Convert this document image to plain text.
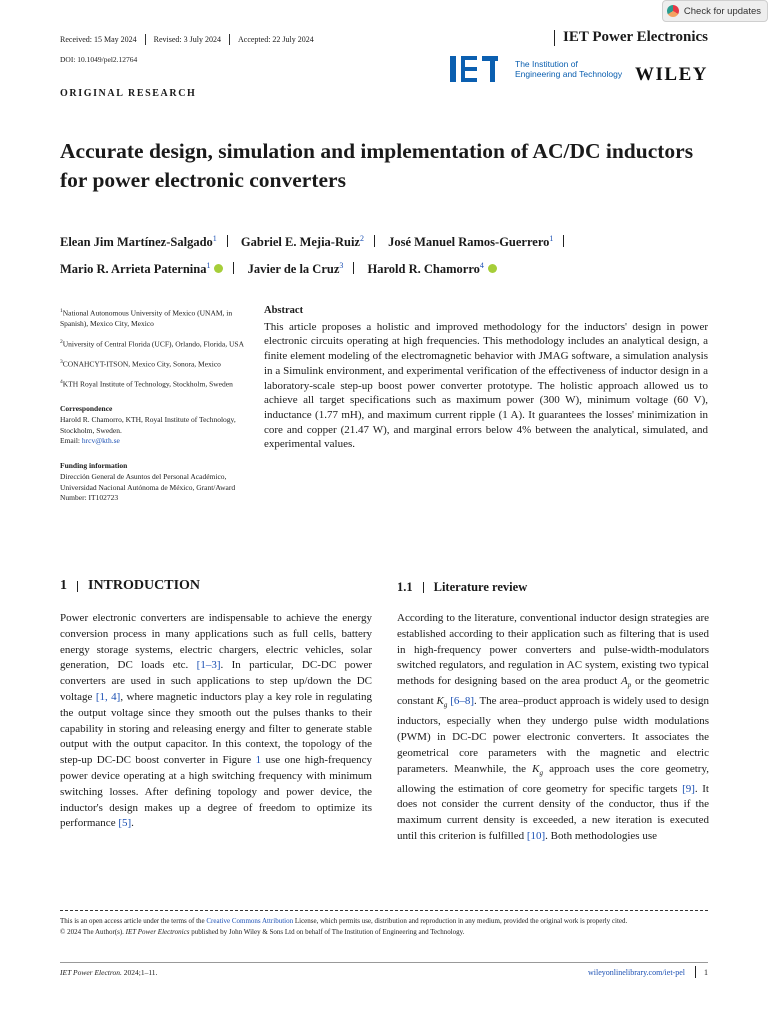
Check for updates
Received: 15 May 2024 Revised: 3 July 2024 Accepted: 22 July 2024	IET Power Electronics
DOI: 10.1049/pel2.12764	The Institution of
Engineering and Technology WILEY
ORIGINAL RESEARCH
Accurate design, simulation and implementation of AC/DC inductors for power electronic converters
Elean Jim Martínez-Salgado$^1$ Gabriel E. Mejia-Ruiz$^2$ José Manuel Ramos-Guerrero$^1$
Mario R. Arrieta Paternina$^1$	Javier de la Cruz$^3$ Harold R. Chamorro$^4$

$^1$National Autonomous University of Mexico (UNAM, in Spanish), Mexico City, Mexico

$^2$University of Central Florida (UCF), Orlando, Florida, USA

$^3$CONAHCYT-ITSON, Mexico City, Sonora, Mexico

$^4$KTH Royal Institute of Technology, Stockholm, Sweden

Correspondence
Harold R. Chamorro, KTH, Royal Institute of Technology, Stockholm, Sweden.
Email: hrcv@kth.se
Funding information
Dirección General de Asuntos del Personal Académico, Universidad Nacional Autónoma de México, Grant/Award Number: IT102723
Abstract

This article proposes a holistic and improved methodology for the inductors' design in power electronic circuits operating at high frequencies. This methodology includes an analytical design, a finite element modeling of the electromagnetic behavior with JMAG software, a simulation analysis in a Simulink environment, and experimental verification of the effectiveness of inductor design in a laboratory-scale step-up boost power converter prototype. The holistic approach allowed us to achieve all target specifications such as maximum power (300 W), minimum voltage (60 V), inductance (1.77 mH), and maximum current ripple (1 A). It guarantees the losses' minimization in core and copper (21.47 W), and marginal errors below 4% between the analytical, simulated, and experimental values.

1 INTRODUCTION	1.1 Literature review

Power electronic converters are indispensable to achieve the energy conversion process in many applications such as full cells, battery energy storage systems, electric chargers, electric vehicles, solar generation, DC loads etc. [1–3]. In particular, DC-DC power converters are used in such applications to step up/down the DC voltage [1, 4], where magnetic inductors play a key role in regulating the output voltage since they smooth out the pulses thanks to their capability in storing and releasing energy and filter to generate stable output with the output capacitor. In this context, the topology of the step-up DC-DC boost converter in Figure 1 use one high-frequency power device operating at a high switching frequency with minimum switching losses. After defining topology and power device, the inductor's design makes up a degree of freedom to optimize its performance [5].

According to the literature, conventional inductor design strategies are established according to their application such as filtering that is used in high-frequency power converters and pulse-width-modulators switched regulators, and regulation in AC system, existing two typical methods for designing based on the area product $A_p$ or the geometric constant $K_g$ [6–8]. The area–product approach is widely used to design inductors, especially when they undergo pulse width modulations (PWM) in DC-DC power electronic converters. It associates the geometrical core parameters with the magnetic and electric parameters. Meanwhile, the $K_g$ approach uses the core geometry, allowing the estimation of core geometry for specific targets [9]. It does not consider the current density of the conductor, thus if the maximum current density is exceeded, a new iteration is executed until this criterion is fulfilled [10]. Both methodologies use

This is an open access article under the terms of the Creative Commons Attribution License, which permits use, distribution and reproduction in any medium, provided the original work is properly cited.

© 2024 The Author(s). IET Power Electronics published by John Wiley & Sons Ltd on behalf of The Institution of Engineering and Technology.

IET Power Electron. 2024;1–11.	wileyonlinelibrary.com/iet-pel 1
